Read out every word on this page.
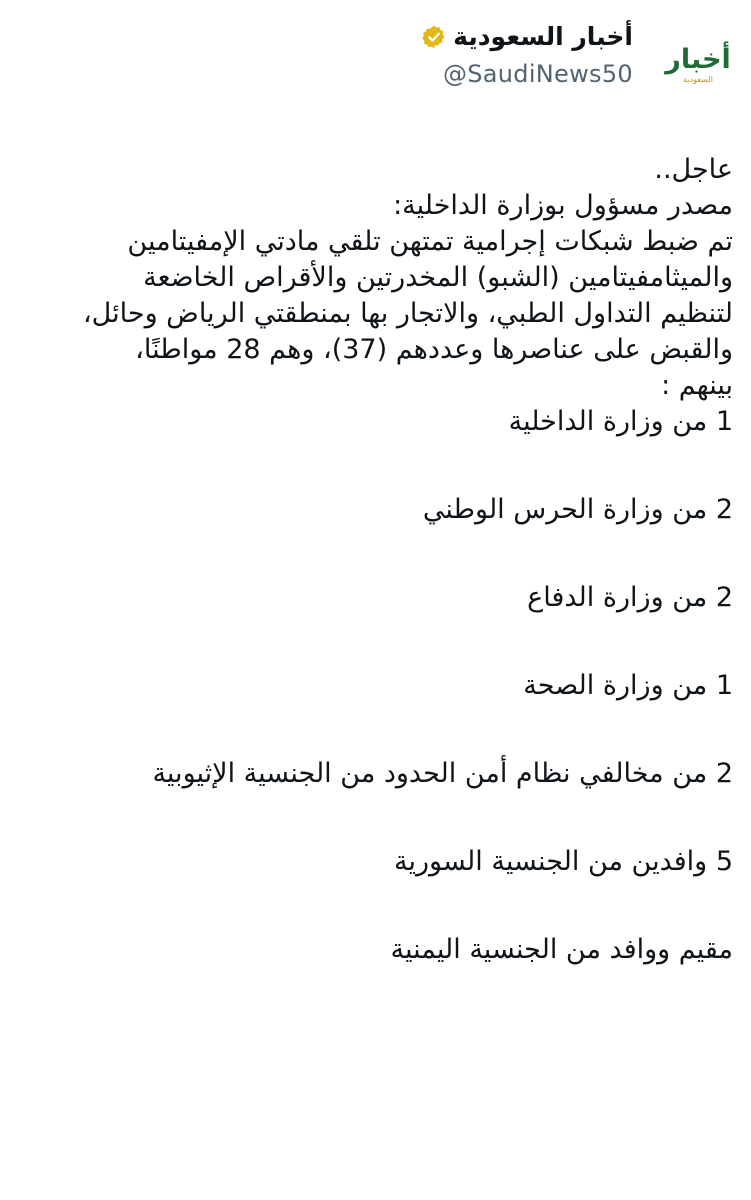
أخبار
السعودية
أخبار السعودية
@SaudiNews50

عاجل..

مصدر مسؤول بوزارة الداخلية:

تم ضبط شبكات إجرامية تمتهن تلقي مادتي الإمفيتامين
والميثامفيتامين (الشبو) المخدرتين والأقراص الخاضعة
لتنظيم التداول الطبي، والاتجار بها بمنطقتي الرياض وحائل،
والقبض على عناصرها وعددهم (37)، وهم 28 مواطنًا،
بينهم :

1 من وزارة الداخلية

2 من وزارة الحرس الوطني

2 من وزارة الدفاع

1 من وزارة الصحة

2 من مخالفي نظام أمن الحدود من الجنسية الإثيوبية

5 وافدين من الجنسية السورية

مقيم ووافد من الجنسية اليمنية
